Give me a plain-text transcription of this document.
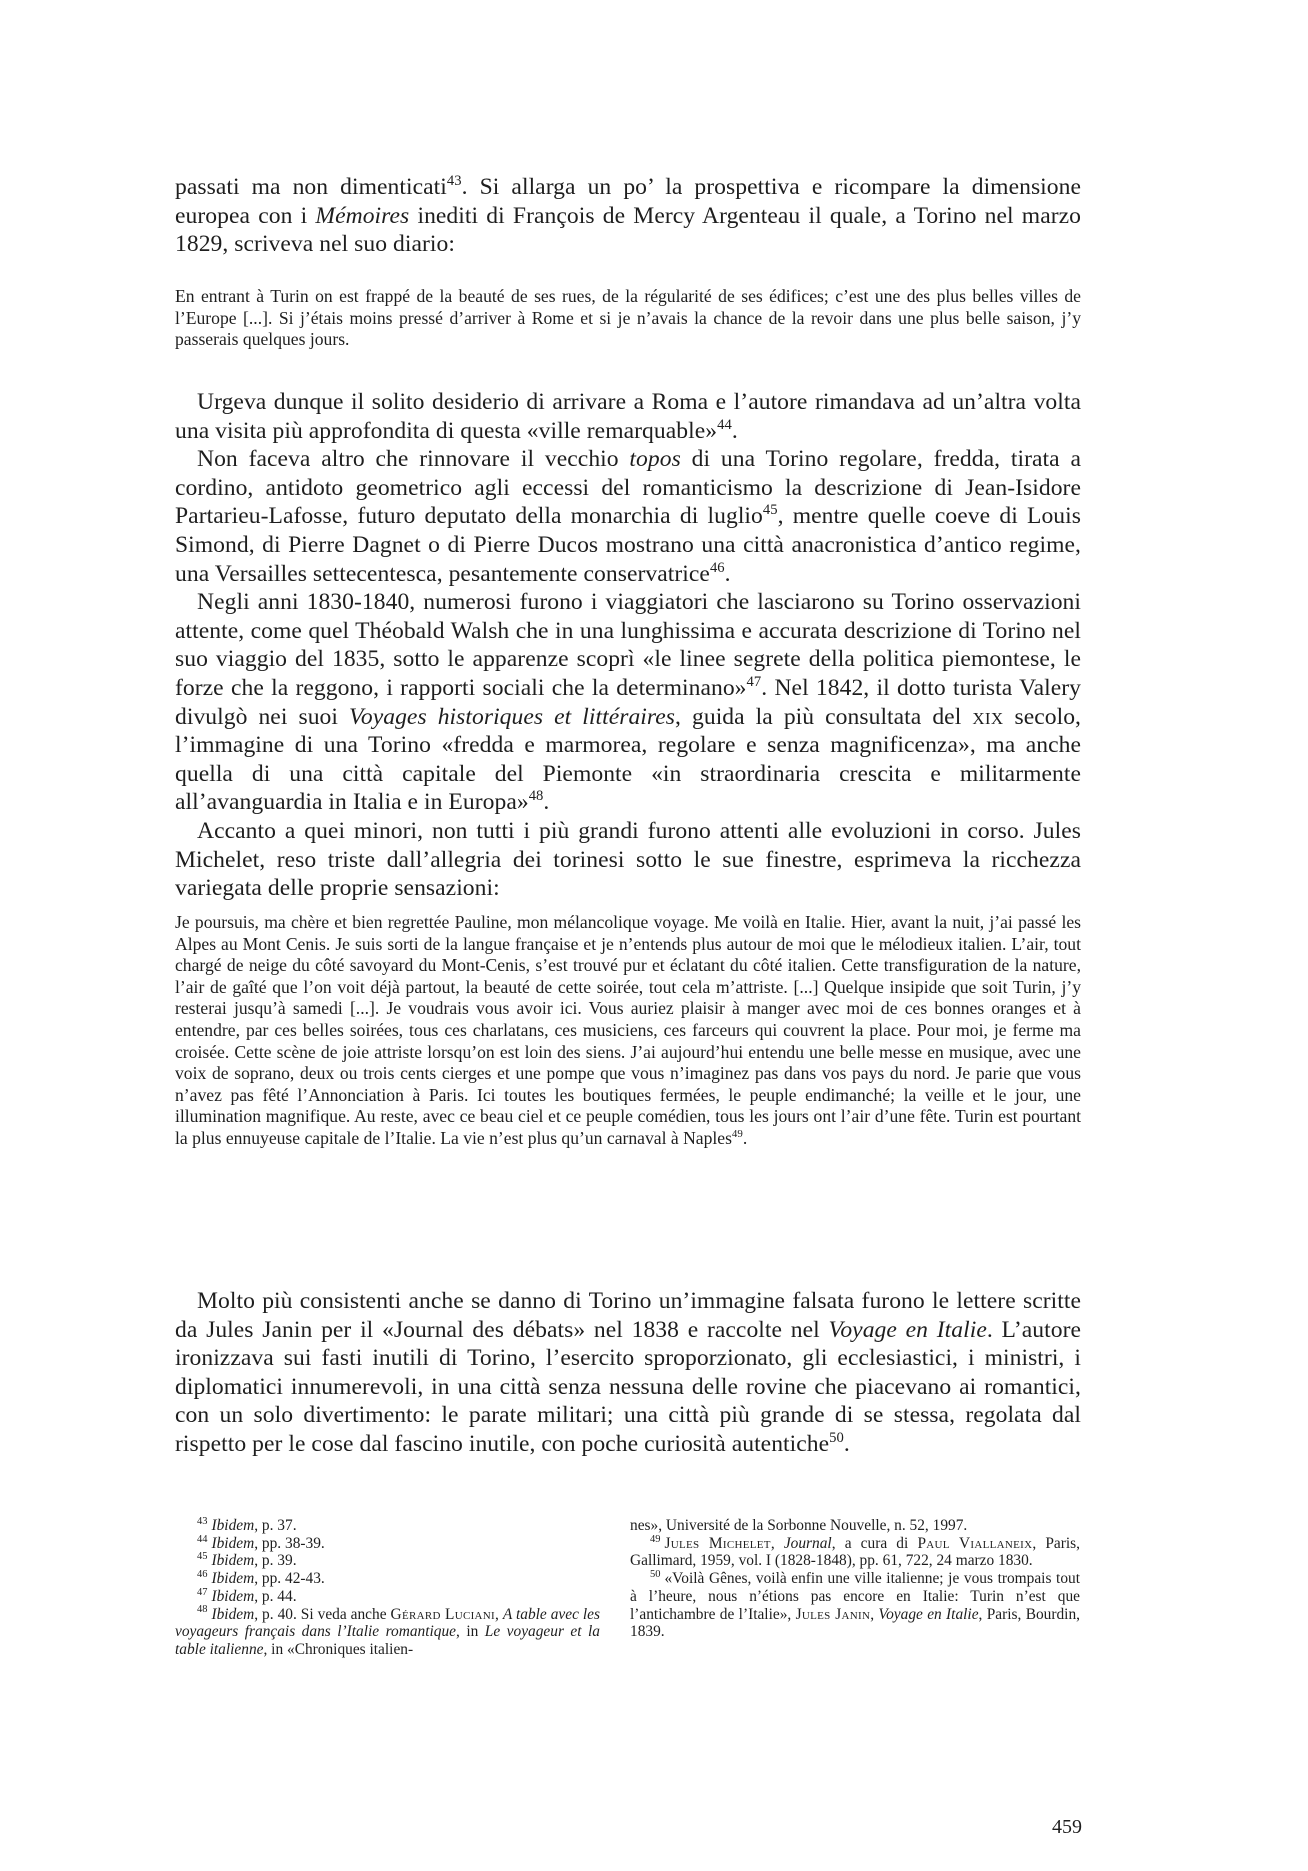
passati ma non dimenticati$^{43}$. Si allarga un po’ la prospettiva e ricompare la dimensione europea con i Mémoires inediti di François de Mercy Argenteau il quale, a Torino nel marzo 1829, scriveva nel suo diario:

En entrant à Turin on est frappé de la beauté de ses rues, de la régularité de ses édifices; c’est une des plus belles villes de l’Europe [...]. Si j’étais moins pressé d’arriver à Rome et si je n’avais la chance de la revoir dans une plus belle saison, j’y passerais quelques jours.

Urgeva dunque il solito desiderio di arrivare a Roma e l’autore rimandava ad un’altra volta una visita più approfondita di questa «ville remarquable»$^{44}$.

Non faceva altro che rinnovare il vecchio topos di una Torino regolare, fredda, tirata a cordino, antidoto geometrico agli eccessi del romanticismo la descrizione di Jean-Isidore Partarieu-Lafosse, futuro deputato della monarchia di luglio$^{45}$, mentre quelle coeve di Louis Simond, di Pierre Dagnet o di Pierre Ducos mostrano una città anacronistica d’antico regime, una Versailles settecentesca, pesantemente conservatrice$^{46}$.

Negli anni 1830-1840, numerosi furono i viaggiatori che lasciarono su Torino osservazioni attente, come quel Théobald Walsh che in una lunghissima e accurata descrizione di Torino nel suo viaggio del 1835, sotto le apparenze scoprì «le linee segrete della politica piemontese, le forze che la reggono, i rapporti sociali che la determinano»$^{47}$. Nel 1842, il dotto turista Valery divulgò nei suoi Voyages historiques et littéraires, guida la più consultata del xix secolo, l’immagine di una Torino «fredda e marmorea, regolare e senza magnificenza», ma anche quella di una città capitale del Piemonte «in straordinaria crescita e militarmente all’avanguardia in Italia e in Europa»$^{48}$.

Accanto a quei minori, non tutti i più grandi furono attenti alle evoluzioni in corso. Jules Michelet, reso triste dall’allegria dei torinesi sotto le sue finestre, esprimeva la ricchezza variegata delle proprie sensazioni:

Je poursuis, ma chère et bien regrettée Pauline, mon mélancolique voyage. Me voilà en Italie. Hier, avant la nuit, j’ai passé les Alpes au Mont Cenis. Je suis sorti de la langue française et je n’entends plus autour de moi que le mélodieux italien. L’air, tout chargé de neige du côté savoyard du Mont-Cenis, s’est trouvé pur et éclatant du côté italien. Cette transfiguration de la nature, l’air de gaîté que l’on voit déjà partout, la beauté de cette soirée, tout cela m’attriste. [...] Quelque insipide que soit Turin, j’y resterai jusqu’à samedi [...]. Je voudrais vous avoir ici. Vous auriez plaisir à manger avec moi de ces bonnes oranges et à entendre, par ces belles soirées, tous ces charlatans, ces musiciens, ces farceurs qui couvrent la place. Pour moi, je ferme ma croisée. Cette scène de joie attriste lorsqu’on est loin des siens. J’ai aujourd’hui entendu une belle messe en musique, avec une voix de soprano, deux ou trois cents cierges et une pompe que vous n’imaginez pas dans vos pays du nord. Je parie que vous n’avez pas fêté l’Annonciation à Paris. Ici toutes les boutiques fermées, le peuple endimanché; la veille et le jour, une illumination magnifique. Au reste, avec ce beau ciel et ce peuple comédien, tous les jours ont l’air d’une fête. Turin est pourtant la plus ennuyeuse capitale de l’Italie. La vie n’est plus qu’un carnaval à Naples$^{49}$.

Molto più consistenti anche se danno di Torino un’immagine falsata furono le lettere scritte da Jules Janin per il «Journal des débats» nel 1838 e raccolte nel Voyage en Italie. L’autore ironizzava sui fasti inutili di Torino, l’esercito sproporzionato, gli ecclesiastici, i ministri, i diplomatici innumerevoli, in una città senza nessuna delle rovine che piacevano ai romantici, con un solo divertimento: le parate militari; una città più grande di se stessa, regolata dal rispetto per le cose dal fascino inutile, con poche curiosità autentiche$^{50}$.

$^{43}$ Ibidem, p. 37.

$^{44}$ Ibidem, pp. 38-39.

$^{45}$ Ibidem, p. 39.

$^{46}$ Ibidem, pp. 42-43.

$^{47}$ Ibidem, p. 44.

$^{48}$ Ibidem, p. 40. Si veda anche Gérard Luciani, A table avec les voyageurs français dans l’Italie romantique, in Le voyageur et la table italienne, in «Chroniques italien-

nes», Université de la Sorbonne Nouvelle, n. 52, 1997.

$^{49}$ Jules Michelet, Journal, a cura di Paul Viallaneix, Paris, Gallimard, 1959, vol. I (1828-1848), pp. 61, 722, 24 marzo 1830.

$^{50}$ «Voilà Gênes, voilà enfin une ville italienne; je vous trompais tout à l’heure, nous n’étions pas encore en Italie: Turin n’est que l’antichambre de l’Italie», Jules Janin, Voyage en Italie, Paris, Bourdin, 1839.

459
